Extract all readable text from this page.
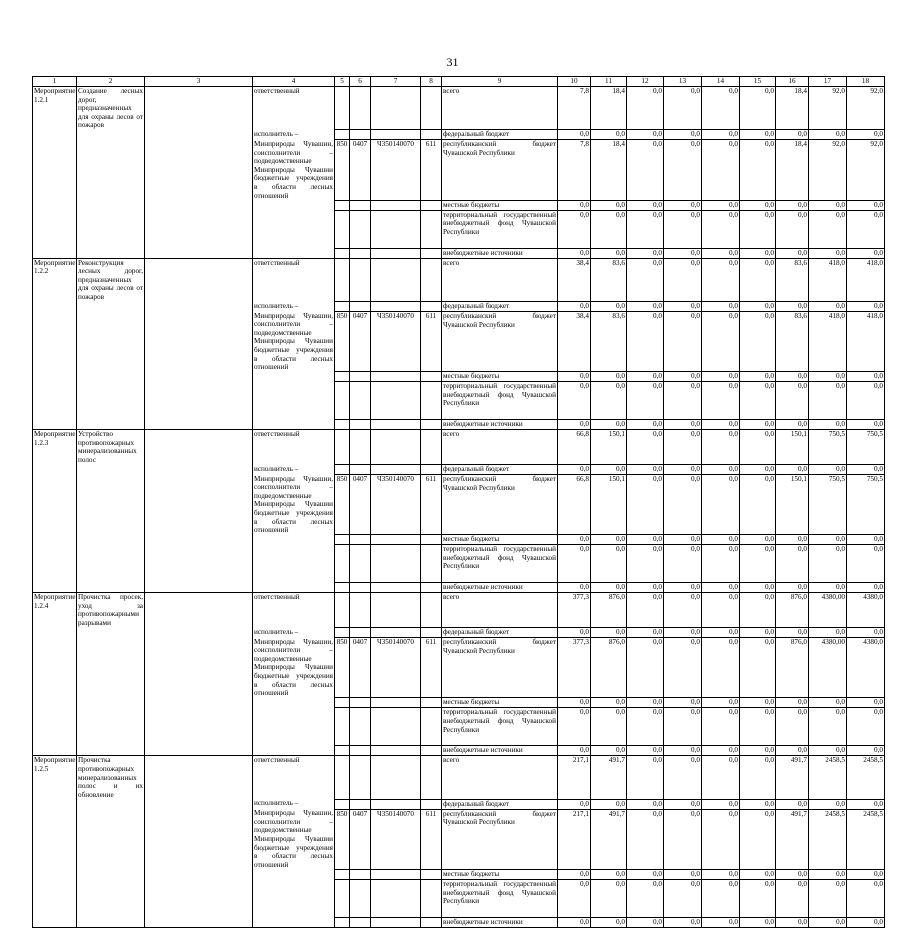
31
1	2	3	4	5	6	7	8	9	10	11	12	13	14	15	16	17	18
Мероприятие 1.2.1	Создание лесных дорог, предназначенных для охраны лесов от пожаров		ответственный					всего	7,8	18,4	0,0	0,0	0,0	0,0	18,4	92,0	92,0
			исполнитель –					федеральный бюджет	0,0	0,0	0,0	0,0	0,0	0,0	0,0	0,0	0,0
			Минприроды Чувашии, соисполнители – подведомственные Минприроды Чувашии бюджетные учреждения в области лесных отношений	850	0407	Ч350140070	611	республиканский бюджет Чувашской Республики	7,8	18,4	0,0	0,0	0,0	0,0	18,4	92,0	92,0
								местные бюджеты	0,0	0,0	0,0	0,0	0,0	0,0	0,0	0,0	0,0
								территориальный государственный внебюджетный фонд Чувашской Республики	0,0	0,0	0,0	0,0	0,0	0,0	0,0	0,0	0,0
								внебюджетные источники	0,0	0,0	0,0	0,0	0,0	0,0	0,0	0,0	0,0
Мероприятие 1.2.2	Реконструкция лесных дорог, предназначенных для охраны лесов от пожаров		ответственный					всего	38,4	83,6	0,0	0,0	0,0	0,0	83,6	418,0	418,0
			исполнитель –					федеральный бюджет	0,0	0,0	0,0	0,0	0,0	0,0	0,0	0,0	0,0
			Минприроды Чувашии, соисполнители – подведомственные Минприроды Чувашии бюджетные учреждения в области лесных отношений	850	0407	Ч350140070	611	республиканский бюджет Чувашской Республики	38,4	83,6	0,0	0,0	0,0	0,0	83,6	418,0	418,0
								местные бюджеты	0,0	0,0	0,0	0,0	0,0	0,0	0,0	0,0	0,0
								территориальный государственный внебюджетный фонд Чувашской Республики	0,0	0,0	0,0	0,0	0,0	0,0	0,0	0,0	0,0
								внебюджетные источники	0,0	0,0	0,0	0,0	0,0	0,0	0,0	0,0	0,0
Мероприятие 1.2.3	Устройство противопожарных минерализованных полос		ответственный					всего	66,8	150,1	0,0	0,0	0,0	0,0	150,1	750,5	750,5
			исполнитель –					федеральный бюджет	0,0	0,0	0,0	0,0	0,0	0,0	0,0	0,0	0,0
			Минприроды Чувашии, соисполнители – подведомственные Минприроды Чувашии бюджетные учреждения в области лесных отношений	850	0407	Ч350140070	611	республиканский бюджет Чувашской Республики	66,8	150,1	0,0	0,0	0,0	0,0	150,1	750,5	750,5
								местные бюджеты	0,0	0,0	0,0	0,0	0,0	0,0	0,0	0,0	0,0
								территориальный государственный внебюджетный фонд Чувашской Республики	0,0	0,0	0,0	0,0	0,0	0,0	0,0	0,0	0,0
								внебюджетные источники	0,0	0,0	0,0	0,0	0,0	0,0	0,0	0,0	0,0
Мероприятие 1.2.4	Прочистка просек, уход за противопожарными разрывами		ответственный					всего	377,3	876,0	0,0	0,0	0,0	0,0	876,0	4380,00	4380,0
			исполнитель –					федеральный бюджет	0,0	0,0	0,0	0,0	0,0	0,0	0,0	0,0	0,0
			Минприроды Чувашии, соисполнители – подведомственные Минприроды Чувашии бюджетные учреждения в области лесных отношений	850	0407	Ч350140070	611	республиканский бюджет Чувашской Республики	377,3	876,0	0,0	0,0	0,0	0,0	876,0	4380,00	4380,0
								местные бюджеты	0,0	0,0	0,0	0,0	0,0	0,0	0,0	0,0	0,0
								территориальный государственный внебюджетный фонд Чувашской Республики	0,0	0,0	0,0	0,0	0,0	0,0	0,0	0,0	0,0
								внебюджетные источники	0,0	0,0	0,0	0,0	0,0	0,0	0,0	0,0	0,0
Мероприятие 1.2.5	Прочистка противопожарных минерализованных полос и их обновление		ответственный					всего	217,1	491,7	0,0	0,0	0,0	0,0	491,7	2458,5	2458,5
			исполнитель –					федеральный бюджет	0,0	0,0	0,0	0,0	0,0	0,0	0,0	0,0	0,0
			Минприроды Чувашии, соисполнители – подведомственные Минприроды Чувашии бюджетные учреждения в области лесных отношений	850	0407	Ч350140070	611	республиканский бюджет Чувашской Республики	217,1	491,7	0,0	0,0	0,0	0,0	491,7	2458,5	2458,5
								местные бюджеты	0,0	0,0	0,0	0,0	0,0	0,0	0,0	0,0	0,0
								территориальный государственный внебюджетный фонд Чувашской Республики	0,0	0,0	0,0	0,0	0,0	0,0	0,0	0,0	0,0
								внебюджетные источники	0,0	0,0	0,0	0,0	0,0	0,0	0,0	0,0	0,0
